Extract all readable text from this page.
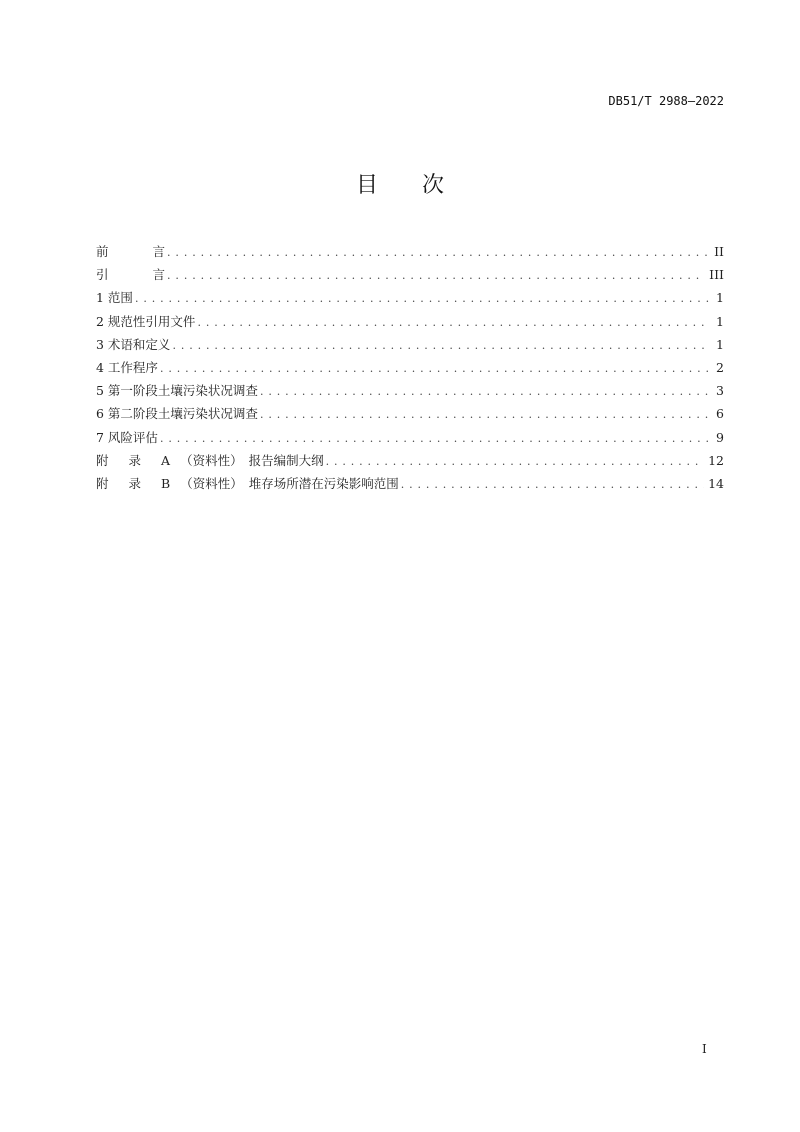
DB51/T 2988—2022
目 次
前	言 . . .	II
引	言 . . .	III
1 范围 . . .	1
2 规范性引用文件 . . .	1
3 术语和定义 . . .	1
4 工作程序 . . .	2
5 第一阶段土壤污染状况调查 . . .	3
6 第二阶段土壤污染状况调查 . . .	6
7 风险评估 . . .	9
附 录 A （资料性） 报告编制大纲 . . .	12
附 录 B （资料性） 堆存场所潜在污染影响范围 . . .	14
I
